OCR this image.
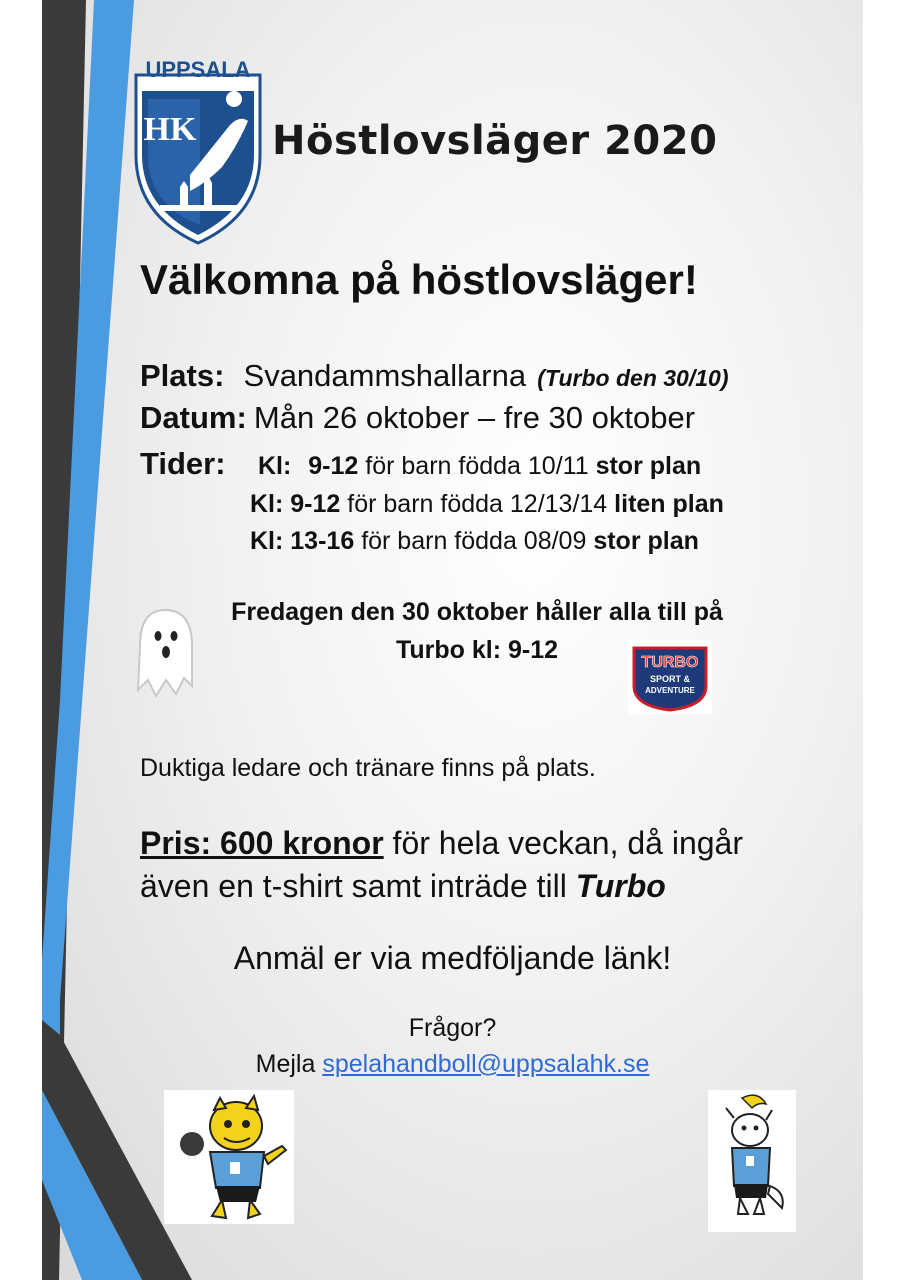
UPPSALA
HK Höstlovsläger 2020
Välkomna på höstlovsläger!
Plats: Svandammshallarna (Turbo den 30/10)
Datum: Mån 26 oktober – fre 30 oktober
Tider: Kl: 9-12 för barn födda 10/11 stor plan
Kl: 9-12 för barn födda 12/13/14 liten plan
Kl: 13-16 för barn födda 08/09 stor plan
Fredagen den 30 oktober håller alla till på
Turbo kl: 9-12	TURBO
SPORT &
ADVENTURE
Duktiga ledare och tränare finns på plats.
Pris: 600 kronor för hela veckan, då ingår
även en t-shirt samt inträde till Turbo
Anmäl er via medföljande länk!
Frågor?
Mejla spelahandboll@uppsalahk.se
